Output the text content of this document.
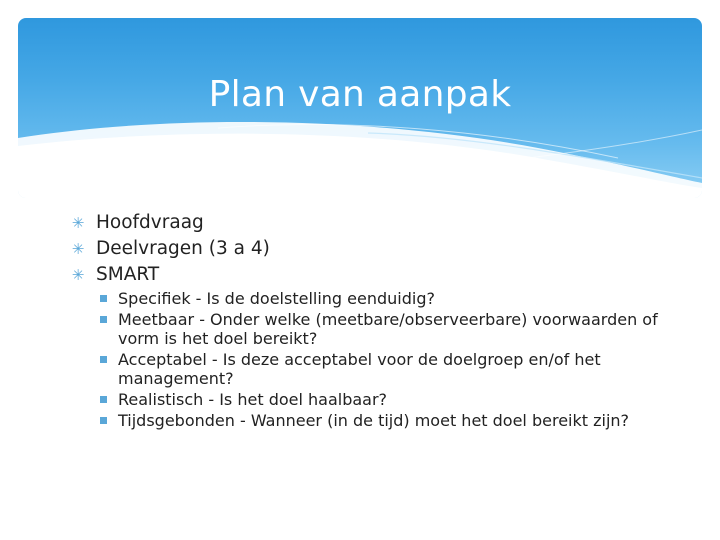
Plan van aanpak

✳ Hoofdvraag

✳ Deelvragen (3 a 4)

✳ SMART

Specifiek - Is de doelstelling eenduidig?

Meetbaar - Onder welke (meetbare/observeerbare) voorwaarden of vorm is het doel bereikt?

Acceptabel - Is deze acceptabel voor de doelgroep en/of het management?

Realistisch - Is het doel haalbaar?

Tijdsgebonden - Wanneer (in de tijd) moet het doel bereikt zijn?
